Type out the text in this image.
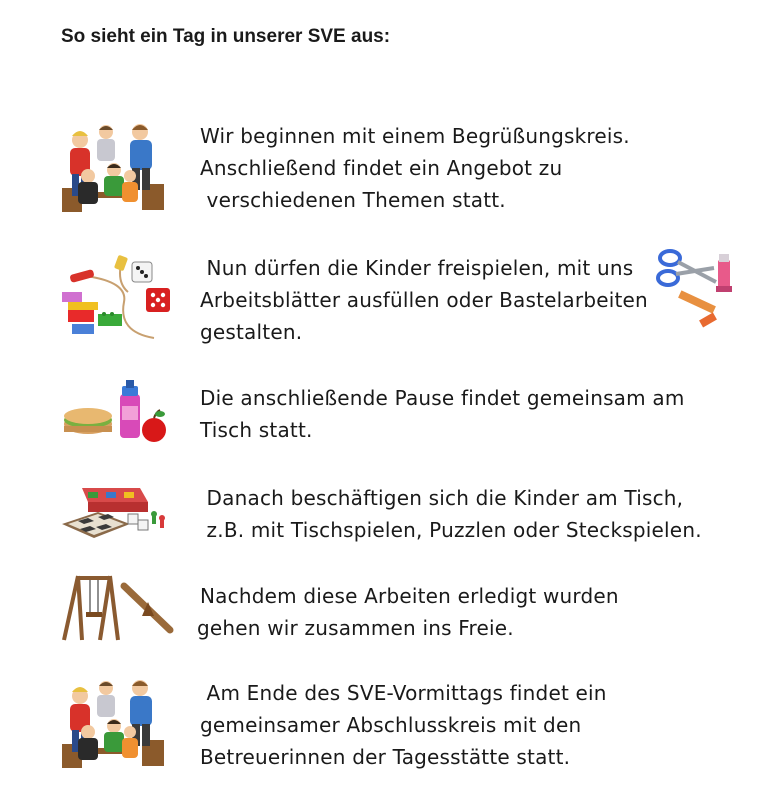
So sieht ein Tag in unserer SVE aus:
Wir beginnen mit einem Begrüßungskreis.
Anschließend findet ein Angebot zu
verschiedenen Themen statt.
Nun dürfen die Kinder freispielen, mit uns
Arbeitsblätter ausfüllen oder Bastelarbeiten
gestalten.
Die anschließende Pause findet gemeinsam am
Tisch statt.
Danach beschäftigen sich die Kinder am Tisch,
z.B. mit Tischspielen, Puzzlen oder Steckspielen.
Nachdem diese Arbeiten erledigt wurden
gehen wir zusammen ins Freie.
Am Ende des SVE-Vormittags findet ein
gemeinsamer Abschlusskreis mit den
Betreuerinnen der Tagesstätte statt.
